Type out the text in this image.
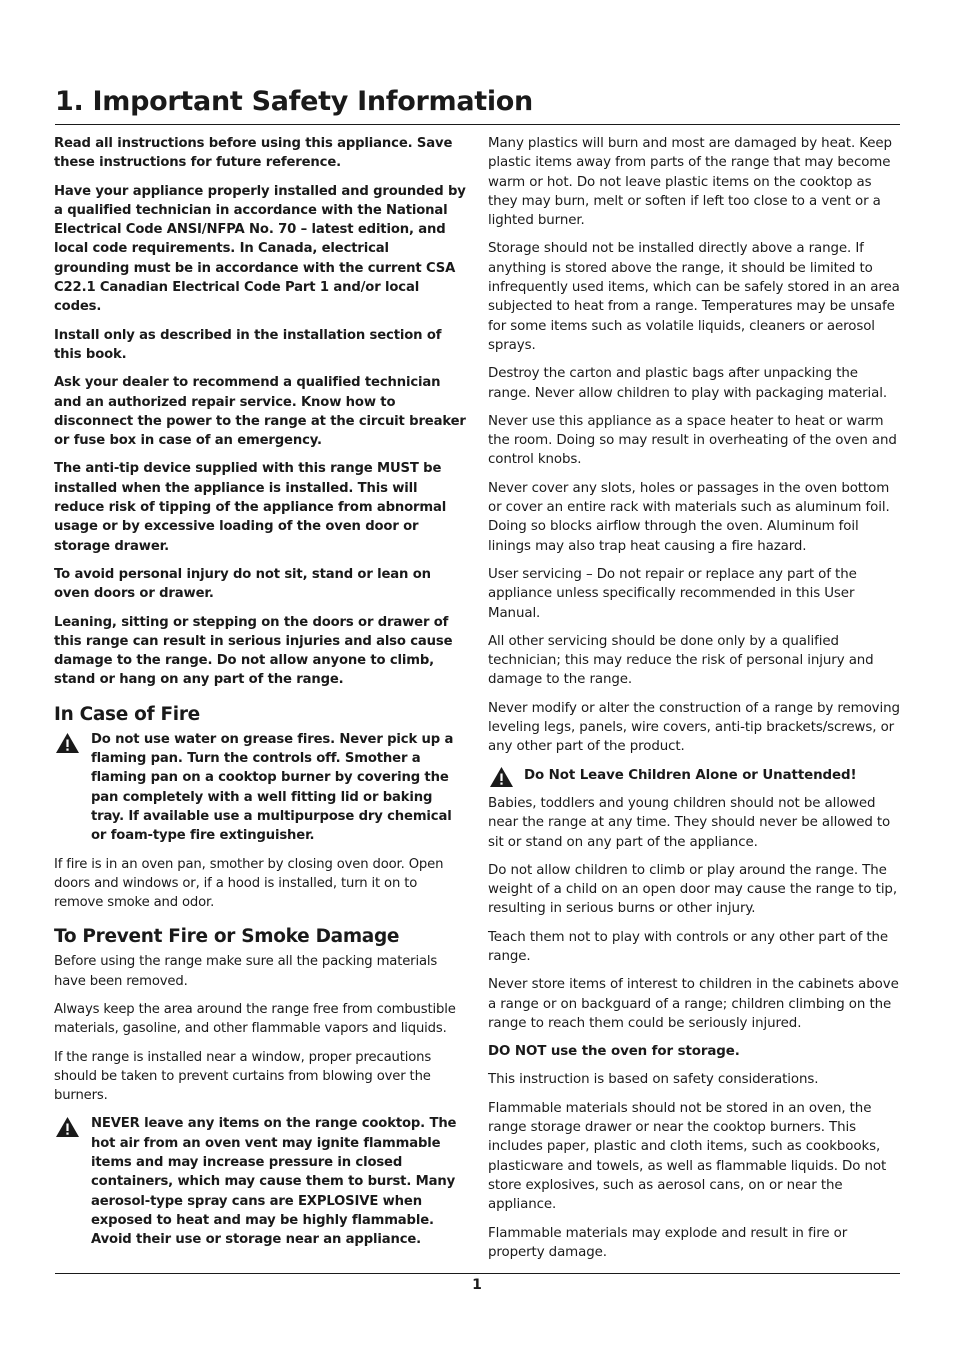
1. Important Safety Information

Read all instructions before using this appliance. Save these instructions for future reference.

Have your appliance properly installed and grounded by a qualified technician in accordance with the National Electrical Code ANSI/NFPA No. 70 – latest edition, and local code requirements. In Canada, electrical grounding must be in accordance with the current CSA C22.1 Canadian Electrical Code Part 1 and/or local codes.

Install only as described in the installation section of this book.

Ask your dealer to recommend a qualified technician and an authorized repair service. Know how to disconnect the power to the range at the circuit breaker or fuse box in case of an emergency.

The anti-tip device supplied with this range MUST be installed when the appliance is installed. This will reduce risk of tipping of the appliance from abnormal usage or by excessive loading of the oven door or storage drawer.

To avoid personal injury do not sit, stand or lean on oven doors or drawer.

Leaning, sitting or stepping on the doors or drawer of this range can result in serious injuries and also cause damage to the range. Do not allow anyone to climb, stand or hang on any part of the range.

In Case of Fire

Do not use water on grease fires. Never pick up a flaming pan. Turn the controls off. Smother a flaming pan on a cooktop burner by covering the pan completely with a well fitting lid or baking tray. If available use a multipurpose dry chemical or foam-type fire extinguisher.

If fire is in an oven pan, smother by closing oven door. Open doors and windows or, if a hood is installed, turn it on to remove smoke and odor.

To Prevent Fire or Smoke Damage

Before using the range make sure all the packing materials have been removed.

Always keep the area around the range free from combustible materials, gasoline, and other flammable vapors and liquids.

If the range is installed near a window, proper precautions should be taken to prevent curtains from blowing over the burners.

NEVER leave any items on the range cooktop. The hot air from an oven vent may ignite flammable items and may increase pressure in closed containers, which may cause them to burst. Many aerosol-type spray cans are EXPLOSIVE when exposed to heat and may be highly flammable. Avoid their use or storage near an appliance.

Many plastics will burn and most are damaged by heat. Keep plastic items away from parts of the range that may become warm or hot. Do not leave plastic items on the cooktop as they may burn, melt or soften if left too close to a vent or a lighted burner.

Storage should not be installed directly above a range. If anything is stored above the range, it should be limited to infrequently used items, which can be safely stored in an area subjected to heat from a range. Temperatures may be unsafe for some items such as volatile liquids, cleaners or aerosol sprays.

Destroy the carton and plastic bags after unpacking the range. Never allow children to play with packaging material.

Never use this appliance as a space heater to heat or warm the room. Doing so may result in overheating of the oven and control knobs.

Never cover any slots, holes or passages in the oven bottom or cover an entire rack with materials such as aluminum foil. Doing so blocks airflow through the oven. Aluminum foil linings may also trap heat causing a fire hazard.

User servicing – Do not repair or replace any part of the appliance unless specifically recommended in this User Manual.

All other servicing should be done only by a qualified technician; this may reduce the risk of personal injury and damage to the range.

Never modify or alter the construction of a range by removing leveling legs, panels, wire covers, anti-tip brackets/screws, or any other part of the product.

Do Not Leave Children Alone or Unattended!

Babies, toddlers and young children should not be allowed near the range at any time. They should never be allowed to sit or stand on any part of the appliance.

Do not allow children to climb or play around the range. The weight of a child on an open door may cause the range to tip, resulting in serious burns or other injury.

Teach them not to play with controls or any other part of the range.

Never store items of interest to children in the cabinets above a range or on backguard of a range; children climbing on the range to reach them could be seriously injured.

DO NOT use the oven for storage.

This instruction is based on safety considerations.

Flammable materials should not be stored in an oven, the range storage drawer or near the cooktop burners. This includes paper, plastic and cloth items, such as cookbooks, plasticware and towels, as well as flammable liquids. Do not store explosives, such as aerosol cans, on or near the appliance.

Flammable materials may explode and result in fire or property damage.

1
